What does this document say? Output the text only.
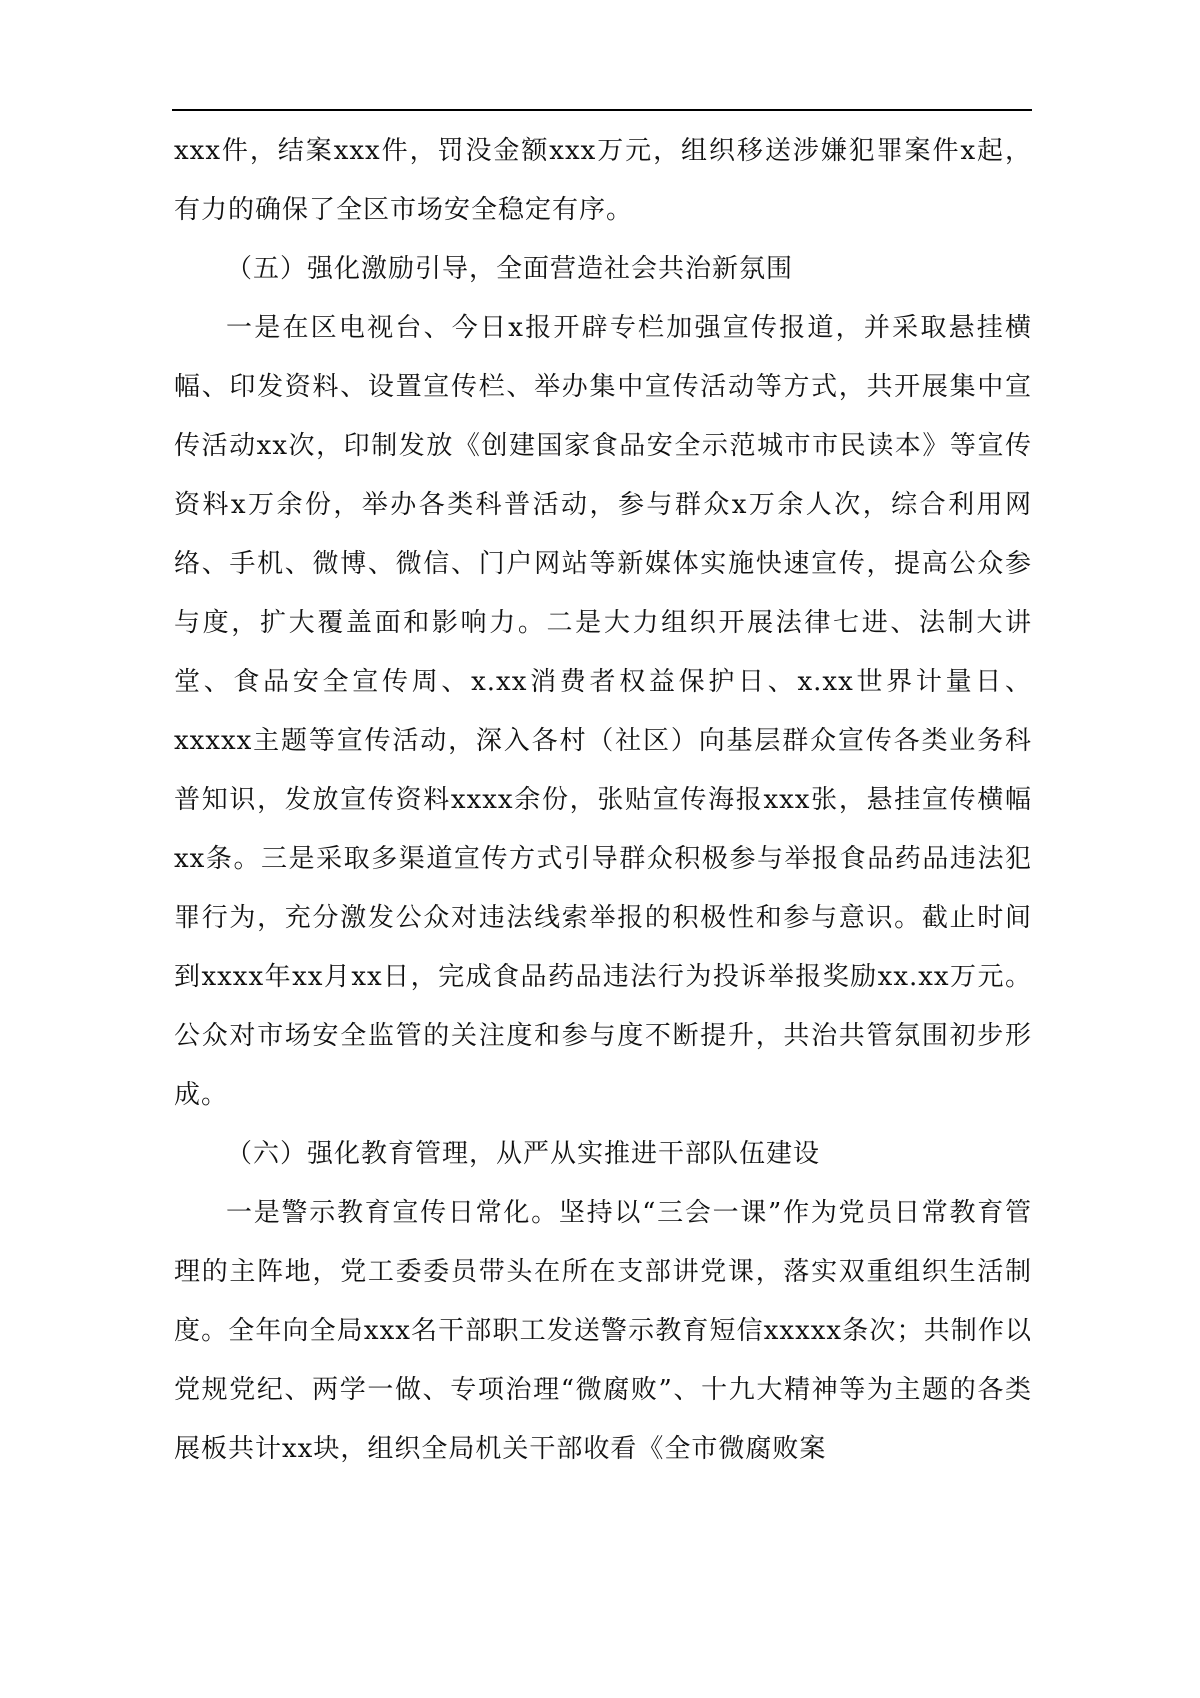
xxx件，结案xxx件，罚没金额xxx万元，组织移送涉嫌犯罪案件x起，有力的确保了全区市场安全稳定有序。

（五）强化激励引导，全面营造社会共治新氛围

一是在区电视台、今日x报开辟专栏加强宣传报道，并采取悬挂横幅、印发资料、设置宣传栏、举办集中宣传活动等方式，共开展集中宣传活动xx次，印制发放《创建国家食品安全示范城市市民读本》等宣传资料x万余份，举办各类科普活动，参与群众x万余人次，综合利用网络、手机、微博、微信、门户网站等新媒体实施快速宣传，提高公众参与度，扩大覆盖面和影响力。二是大力组织开展法律七进、法制大讲堂、食品安全宣传周、x.xx消费者权益保护日、x.xx世界计量日、xxxxx主题等宣传活动，深入各村（社区）向基层群众宣传各类业务科普知识，发放宣传资料xxxx余份，张贴宣传海报xxx张，悬挂宣传横幅xx条。三是采取多渠道宣传方式引导群众积极参与举报食品药品违法犯罪行为，充分激发公众对违法线索举报的积极性和参与意识。截止时间到xxxx年xx月xx日，完成食品药品违法行为投诉举报奖励xx.xx万元。公众对市场安全监管的关注度和参与度不断提升，共治共管氛围初步形成。

（六）强化教育管理，从严从实推进干部队伍建设

一是警示教育宣传日常化。坚持以“三会一课”作为党员日常教育管理的主阵地，党工委委员带头在所在支部讲党课，落实双重组织生活制度。全年向全局xxx名干部职工发送警示教育短信xxxxx条次；共制作以党规党纪、两学一做、专项治理“微腐败”、十九大精神等为主题的各类展板共计xx块，组织全局机关干部收看《全市微腐败案
